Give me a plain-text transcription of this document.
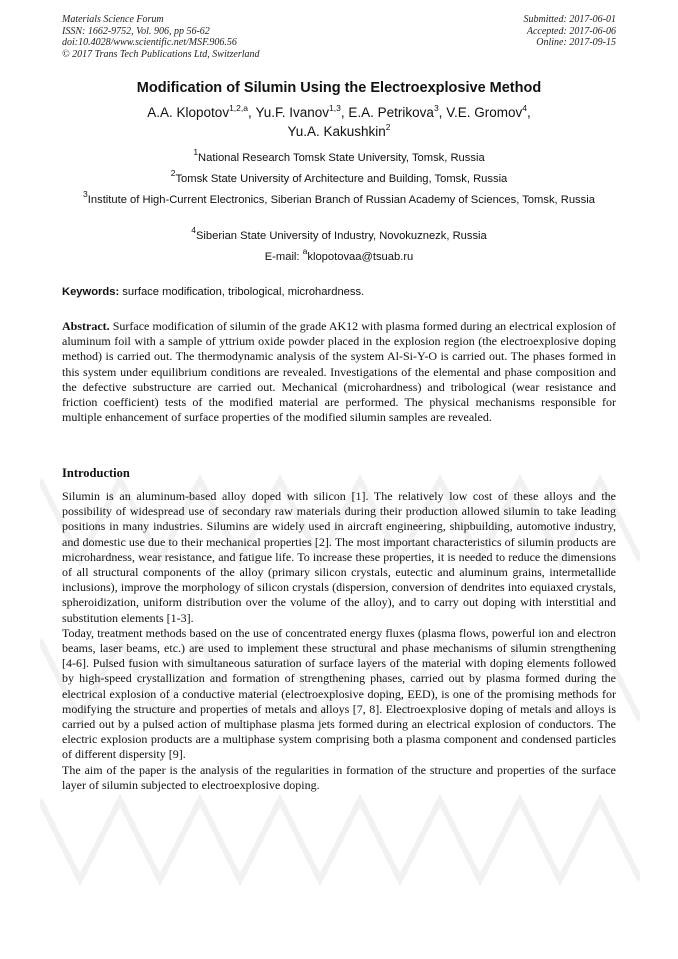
Materials Science Forum
ISSN: 1662-9752, Vol. 906, pp 56-62
doi:10.4028/www.scientific.net/MSF.906.56
© 2017 Trans Tech Publications Ltd, Switzerland
Submitted: 2017-06-01
Accepted: 2017-06-06
Online: 2017-09-15
Modification of Silumin Using the Electroexplosive Method
A.A. Klopotov$^{1,2,a}$, Yu.F. Ivanov$^{1,3}$, E.A. Petrikova$^3$, V.E. Gromov$^4$,
Yu.A. Kakushkin$^2$
$^1$National Research Tomsk State University, Tomsk, Russia
$^2$Tomsk State University of Architecture and Building, Tomsk, Russia
$^3$Institute of High-Current Electronics, Siberian Branch of Russian Academy of Sciences, Tomsk, Russia
$^4$Siberian State University of Industry, Novokuznezk, Russia
E-mail: $^a$klopotovaa@tsuab.ru
Keywords: surface modification, tribological, microhardness.

Abstract. Surface modification of silumin of the grade AK12 with plasma formed during an electrical explosion of aluminum foil with a sample of yttrium oxide powder placed in the explosion region (the electroexplosive doping method) is carried out. The thermodynamic analysis of the system Al-Si-Y-O is carried out. The phases formed in this system under equilibrium conditions are revealed. Investigations of the elemental and phase composition and the defective substructure are carried out. Mechanical (microhardness) and tribological (wear resistance and friction coefficient) tests of the modified material are performed. The physical mechanisms responsible for multiple enhancement of surface properties of the modified silumin samples are revealed.

Introduction

Silumin is an aluminum-based alloy doped with silicon [1]. The relatively low cost of these alloys and the possibility of widespread use of secondary raw materials during their production allowed silumin to take leading positions in many industries. Silumins are widely used in aircraft engineering, shipbuilding, automotive industry, and domestic use due to their mechanical properties [2]. The most important characteristics of silumin products are microhardness, wear resistance, and fatigue life. To increase these properties, it is needed to reduce the dimensions of all structural components of the alloy (primary silicon crystals, eutectic and aluminum grains, intermetallide inclusions), improve the morphology of silicon crystals (dispersion, conversion of dendrites into equiaxed crystals, spheroidization, uniform distribution over the volume of the alloy), and to carry out doping with interstitial and substitution elements [1-3].

Today, treatment methods based on the use of concentrated energy fluxes (plasma flows, powerful ion and electron beams, laser beams, etc.) are used to implement these structural and phase mechanisms of silumin strengthening [4-6]. Pulsed fusion with simultaneous saturation of surface layers of the material with doping elements followed by high-speed crystallization and formation of strengthening phases, carried out by plasma formed during the electrical explosion of a conductive material (electroexplosive doping, EED), is one of the promising methods for modifying the structure and properties of metals and alloys [7, 8]. Electroexplosive doping of metals and alloys is carried out by a pulsed action of multiphase plasma jets formed during an electrical explosion of conductors. The electric explosion products are a multiphase system comprising both a plasma component and condensed particles of different dispersity [9].

The aim of the paper is the analysis of the regularities in formation of the structure and properties of the surface layer of silumin subjected to electroexplosive doping.
